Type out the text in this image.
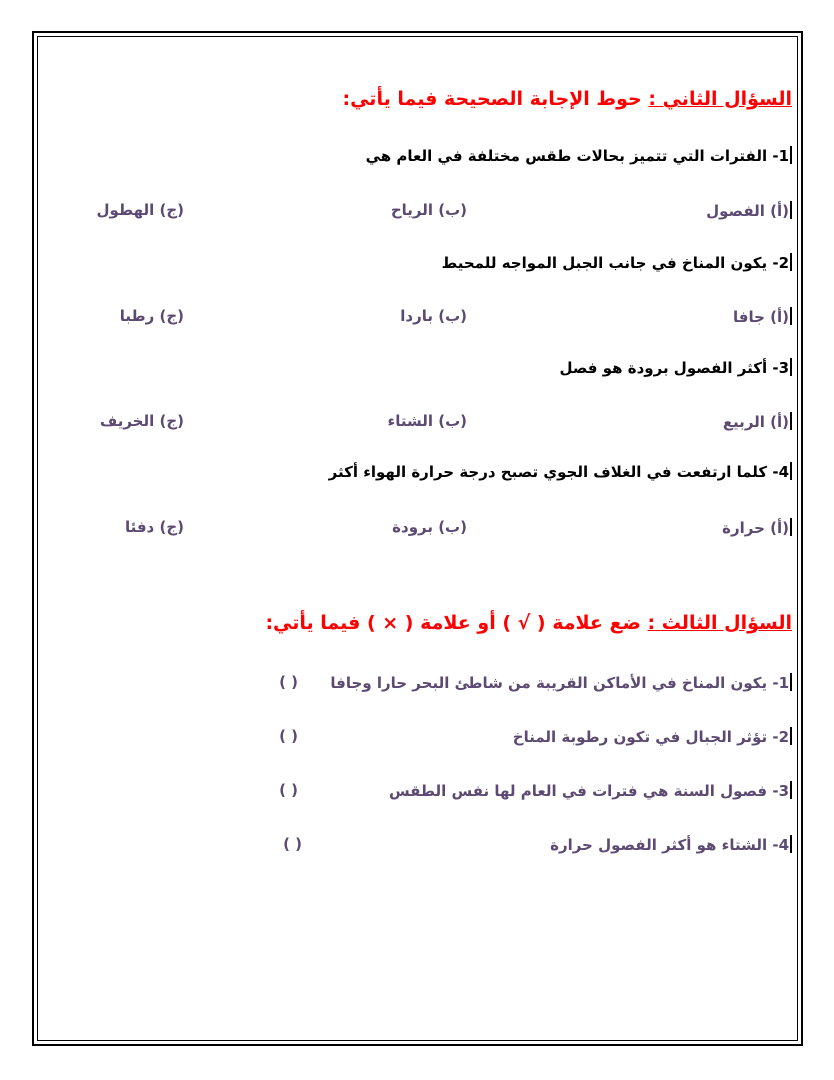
السؤال الثاني : حوط الإجابة الصحيحة فيما يأتي:
1- الفترات التي تتميز بحالات طقس مختلفة في العام هي
(أ) الفصول
(ب) الرياح
(ج) الهطول
2- يكون المناخ في جانب الجبل المواجه للمحيط
(أ) جافا
(ب) باردا
(ج) رطبا
3- أكثر الفصول برودة هو فصل
(أ) الربيع
(ب) الشتاء
(ج) الخريف
4- كلما ارتفعت في الغلاف الجوي تصبح درجة حرارة الهواء أكثر
(أ) حرارة
(ب) برودة
(ج) دفئا
السؤال الثالث : ضع علامة ( √ ) أو علامة ( × ) فيما يأتي:
1- يكون المناخ في الأماكن القريبة من شاطئ البحر حارا وجافا
( )
2- تؤثر الجبال في تكون رطوبة المناخ
( )
3- فصول السنة هي فترات في العام لها نفس الطقس
( )
4- الشتاء هو أكثر الفصول حرارة
( )
